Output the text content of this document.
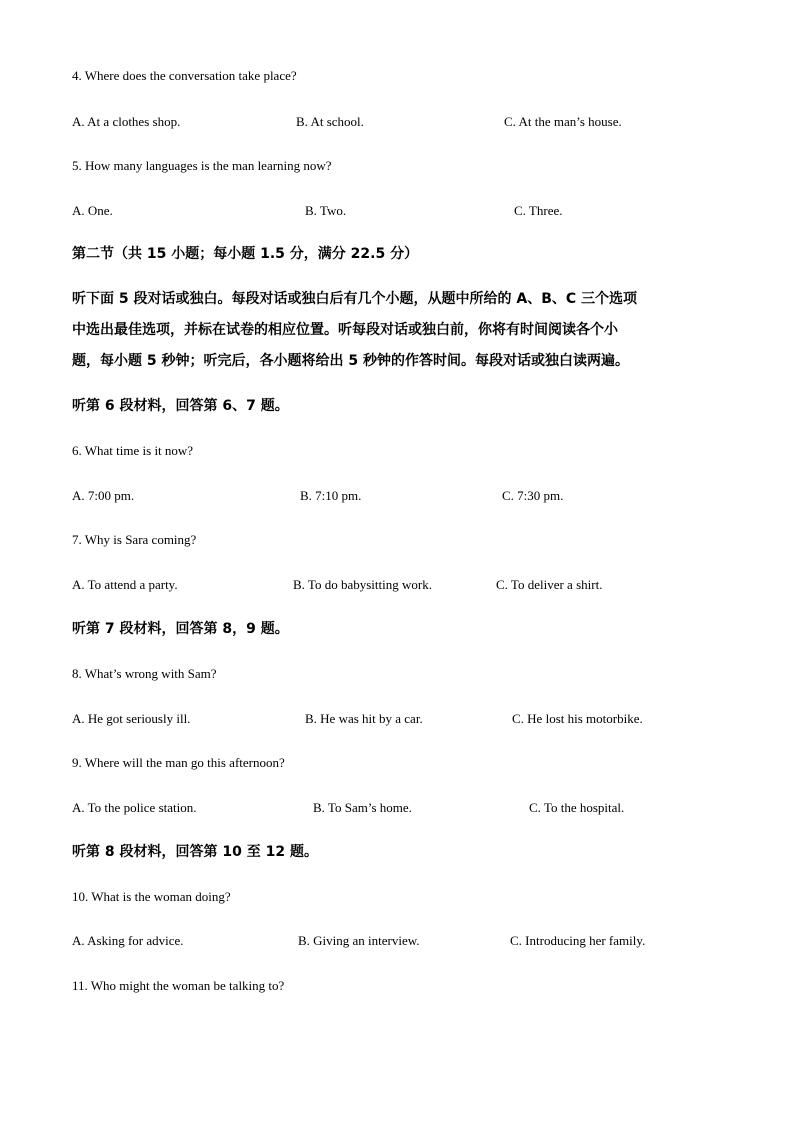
4. Where does the conversation take place?
A. At a clothes shop.	B. At school.	C. At the man’s house.
5. How many languages is the man learning now?
A. One.	B. Two.	C. Three.
第二节（共 15 小题；每小题 1.5 分，满分 22.5 分）
听下面 5 段对话或独白。每段对话或独白后有几个小题，从题中所给的 A、B、C 三个选项
中选出最佳选项，并标在试卷的相应位置。听每段对话或独白前，你将有时间阅读各个小
题，每小题 5 秒钟；听完后，各小题将给出 5 秒钟的作答时间。每段对话或独白读两遍。
听第 6 段材料，回答第 6、7 题。
6. What time is it now?
A. 7:00 pm.	B. 7:10 pm.	C. 7:30 pm.
7. Why is Sara coming?
A. To attend a party.	B. To do babysitting work.	C. To deliver a shirt.
听第 7 段材料，回答第 8，9 题。
8. What’s wrong with Sam?
A. He got seriously ill.	B. He was hit by a car.	C. He lost his motorbike.
9. Where will the man go this afternoon?
A. To the police station.	B. To Sam’s home.	C. To the hospital.
听第 8 段材料，回答第 10 至 12 题。
10. What is the woman doing?
A. Asking for advice.	B. Giving an interview.	C. Introducing her family.
11. Who might the woman be talking to?
